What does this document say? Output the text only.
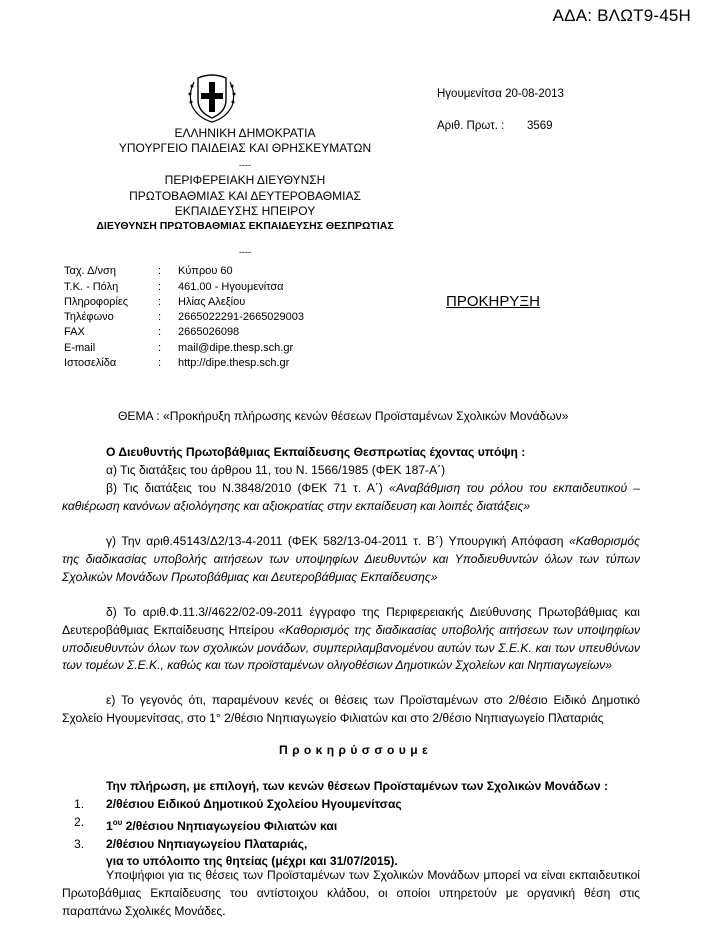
ΑΔΑ: ΒΛΩΤ9-45Η
ΕΛΛΗΝΙΚΗ ΔΗΜΟΚΡΑΤΙΑ
ΥΠΟΥΡΓΕΙΟ ΠΑΙΔΕΙΑΣ ΚΑΙ ΘΡΗΣΚΕΥΜΑΤΩΝ
----
ΠΕΡΙΦΕΡΕΙΑΚΗ ΔΙΕΥΘΥΝΣΗ
ΠΡΩΤΟΒΑΘΜΙΑΣ ΚΑΙ ΔΕΥΤΕΡΟΒΑΘΜΙΑΣ
ΕΚΠΑΙΔΕΥΣΗΣ ΗΠΕΙΡΟΥ
ΔΙΕΥΘΥΝΣΗ ΠΡΩΤΟΒΑΘΜΙΑΣ ΕΚΠΑΙΔΕΥΣΗΣ ΘΕΣΠΡΩΤΙΑΣ
----
Ηγουμενίτσα 20-08-2013
Αριθ. Πρωτ. : 3569
Ταχ. Δ/νση	: Κύπρου 60
Τ.Κ. - Πόλη	: 461.00 - Ηγουμενίτσα
Πληροφορίες	: Ηλίας Αλεξίου
Τηλέφωνο	: 2665022291-2665029003
FAX	: 2665026098
E-mail	: mail@dipe.thesp.sch.gr
Ιστοσελίδα	: http://dipe.thesp.sch.gr
ΠΡΟΚΗΡΥΞΗ
ΘΕΜΑ : «Προκήρυξη πλήρωσης κενών θέσεων Προϊσταμένων Σχολικών Μονάδων»
Ο Διευθυντής Πρωτοβάθμιας Εκπαίδευσης Θεσπρωτίας έχοντας υπόψη :
α) Τις διατάξεις του άρθρου 11, του Ν. 1566/1985 (ΦΕΚ 187-Α΄)
β) Τις διατάξεις του Ν.3848/2010 (ΦΕΚ 71 τ. Α΄) «Αναβάθμιση του ρόλου του εκπαιδευτικού – καθιέρωση κανόνων αξιολόγησης και αξιοκρατίας στην εκπαίδευση και λοιπές διατάξεις»
γ) Την αριθ.45143/Δ2/13-4-2011 (ΦΕΚ 582/13-04-2011 τ. Β΄) Υπουργική Απόφαση «Καθορισμός της διαδικασίας υποβολής αιτήσεων των υποψηφίων Διευθυντών και Υποδιευθυντών όλων των τύπων Σχολικών Μονάδων Πρωτοβάθμιας και Δευτεροβάθμιας Εκπαίδευσης»
δ) Το αριθ.Φ.11.3//4622/02-09-2011 έγγραφο της Περιφερειακής Διεύθυνσης Πρωτοβάθμιας και Δευτεροβάθμιας Εκπαίδευσης Ηπείρου «Καθορισμός της διαδικασίας υποβολής αιτήσεων των υποψηφίων υποδιευθυντών όλων των σχολικών μονάδων, συμπεριλαμβανομένου αυτών των Σ.Ε.Κ. και των υπευθύνων των τομέων Σ.Ε.Κ., καθώς και των προϊσταμένων ολιγοθέσιων Δημοτικών Σχολείων και Νηπιαγωγείων»
ε) Το γεγονός ότι, παραμένουν κενές οι θέσεις των Προϊσταμένων στο 2/θέσιο Ειδικό Δημοτικό Σχολείο Ηγουμενίτσας, στο 1° 2/θέσιο Νηπιαγωγείο Φιλιατών και στο 2/θέσιο Νηπιαγωγείο Πλαταριάς
Π ρ ο κ η ρ ύ σ σ ο υ μ ε
Την πλήρωση, με επιλογή, των κενών θέσεων Προϊσταμένων των Σχολικών Μονάδων :
1. 2/θέσιου Ειδικού Δημοτικού Σχολείου Ηγουμενίτσας
2. $1^{o\upsilon}$ 2/θέσιου Νηπιαγωγείου Φιλιατών και
3. 2/θέσιου Νηπιαγωγείου Πλαταριάς,
για το υπόλοιπο της θητείας (μέχρι και 31/07/2015).
Υποψήφιοι για τις θέσεις των Προϊσταμένων των Σχολικών Μονάδων μπορεί να είναι εκπαιδευτικοί Πρωτοβάθμιας Εκπαίδευσης του αντίστοιχου κλάδου, οι οποίοι υπηρετούν με οργανική θέση στις παραπάνω Σχολικές Μονάδες.
